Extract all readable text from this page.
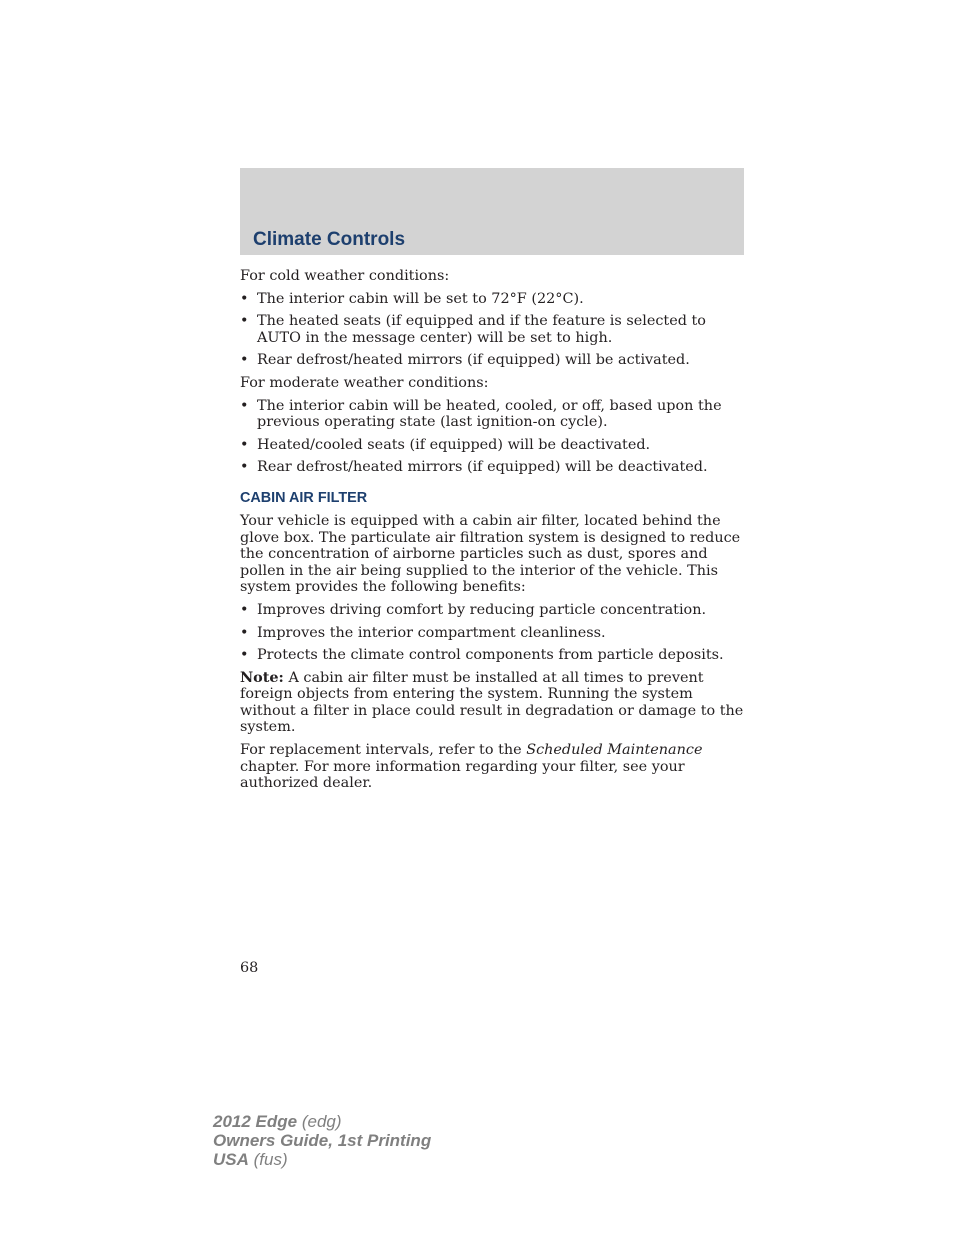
Climate Controls

For cold weather conditions:

• The interior cabin will be set to 72°F (22°C).
• The heated seats (if equipped and if the feature is selected to AUTO in the message center) will be set to high.
• Rear defrost/heated mirrors (if equipped) will be activated.

For moderate weather conditions:

• The interior cabin will be heated, cooled, or off, based upon the previous operating state (last ignition-on cycle).
• Heated/cooled seats (if equipped) will be deactivated.
• Rear defrost/heated mirrors (if equipped) will be deactivated.
CABIN AIR FILTER

Your vehicle is equipped with a cabin air filter, located behind the glove box. The particulate air filtration system is designed to reduce the concentration of airborne particles such as dust, spores and pollen in the air being supplied to the interior of the vehicle. This system provides the following benefits:

• Improves driving comfort by reducing particle concentration.
• Improves the interior compartment cleanliness.
• Protects the climate control components from particle deposits.

Note: A cabin air filter must be installed at all times to prevent foreign objects from entering the system. Running the system without a filter in place could result in degradation or damage to the system.

For replacement intervals, refer to the Scheduled Maintenance chapter. For more information regarding your filter, see your authorized dealer.

68
2012 Edge (edg)
Owners Guide, 1st Printing
USA (fus)
